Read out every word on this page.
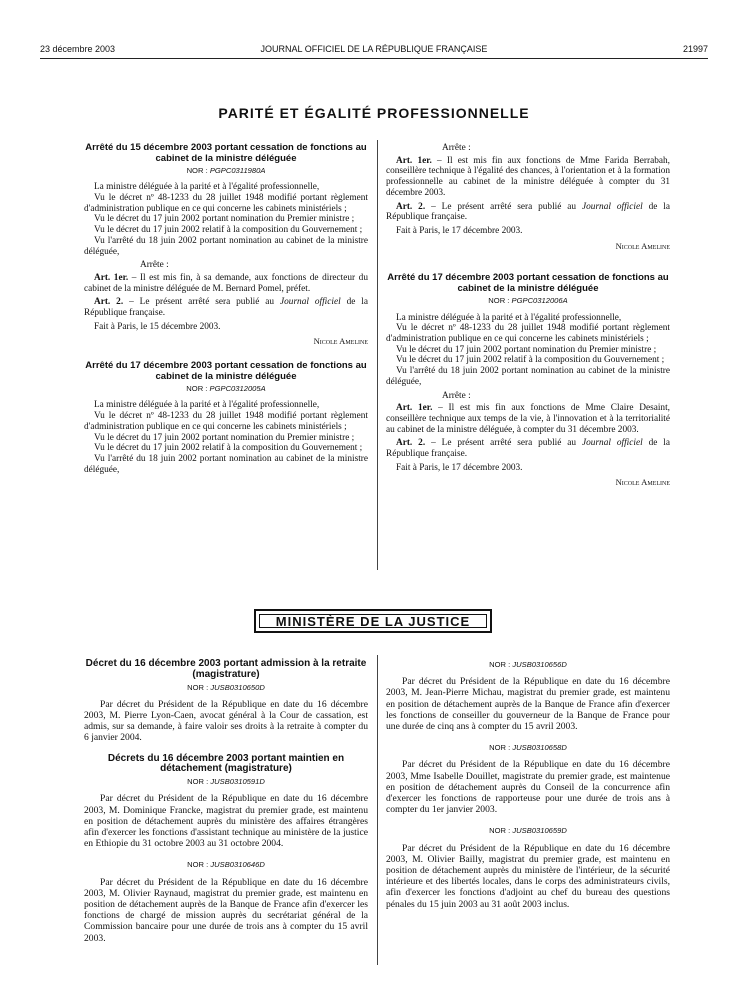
23 décembre 2003	JOURNAL OFFICIEL DE LA RÉPUBLIQUE FRANÇAISE	21997
PARITÉ ET ÉGALITÉ PROFESSIONNELLE
Arrêté du 15 décembre 2003 portant cessation de fonctions au cabinet de la ministre déléguée
NOR : PGPC0311980A

La ministre déléguée à la parité et à l'égalité professionnelle,

Vu le décret nº 48-1233 du 28 juillet 1948 modifié portant règlement d'administration publique en ce qui concerne les cabinets ministériels ;

Vu le décret du 17 juin 2002 portant nomination du Premier ministre ;

Vu le décret du 17 juin 2002 relatif à la composition du Gouvernement ;

Vu l'arrêté du 18 juin 2002 portant nomination au cabinet de la ministre déléguée,

Arrête :

Art. 1er. – Il est mis fin, à sa demande, aux fonctions de directeur du cabinet de la ministre déléguée de M. Bernard Pomel, préfet.

Art. 2. – Le présent arrêté sera publié au Journal officiel de la République française.

Fait à Paris, le 15 décembre 2003.

Nicole Ameline

Arrêté du 17 décembre 2003 portant cessation de fonctions au cabinet de la ministre déléguée
NOR : PGPC0312005A

La ministre déléguée à la parité et à l'égalité professionnelle,

Vu le décret nº 48-1233 du 28 juillet 1948 modifié portant règlement d'administration publique en ce qui concerne les cabinets ministériels ;

Vu le décret du 17 juin 2002 portant nomination du Premier ministre ;

Vu le décret du 17 juin 2002 relatif à la composition du Gouvernement ;

Vu l'arrêté du 18 juin 2002 portant nomination au cabinet de la ministre déléguée,

Arrête :

Art. 1er. – Il est mis fin aux fonctions de Mme Farida Berrabah, conseillère technique à l'égalité des chances, à l'orientation et à la formation professionnelle au cabinet de la ministre déléguée à compter du 31 décembre 2003.

Art. 2. – Le présent arrêté sera publié au Journal officiel de la République française.

Fait à Paris, le 17 décembre 2003.

Nicole Ameline

Arrêté du 17 décembre 2003 portant cessation de fonctions au cabinet de la ministre déléguée
NOR : PGPC0312006A

La ministre déléguée à la parité et à l'égalité professionnelle,

Vu le décret nº 48-1233 du 28 juillet 1948 modifié portant règlement d'administration publique en ce qui concerne les cabinets ministériels ;

Vu le décret du 17 juin 2002 portant nomination du Premier ministre ;

Vu le décret du 17 juin 2002 relatif à la composition du Gouvernement ;

Vu l'arrêté du 18 juin 2002 portant nomination au cabinet de la ministre déléguée,

Arrête :

Art. 1er. – Il est mis fin aux fonctions de Mme Claire Desaint, conseillère technique aux temps de la vie, à l'innovation et à la territorialité au cabinet de la ministre déléguée, à compter du 31 décembre 2003.

Art. 2. – Le présent arrêté sera publié au Journal officiel de la République française.

Fait à Paris, le 17 décembre 2003.

Nicole Ameline

MINISTÈRE DE LA JUSTICE
Décret du 16 décembre 2003 portant admission à la retraite (magistrature)
NOR : JUSB0310650D

Par décret du Président de la République en date du 16 décembre 2003, M. Pierre Lyon-Caen, avocat général à la Cour de cassation, est admis, sur sa demande, à faire valoir ses droits à la retraite à compter du 6 janvier 2004.

Décrets du 16 décembre 2003 portant maintien en détachement (magistrature)
NOR : JUSB0310591D

Par décret du Président de la République en date du 16 décembre 2003, M. Dominique Francke, magistrat du premier grade, est maintenu en position de détachement auprès du ministère des affaires étrangères afin d'exercer les fonctions d'assistant technique au ministère de la justice en Ethiopie du 31 octobre 2003 au 31 octobre 2004.

NOR : JUSB0310646D

Par décret du Président de la République en date du 16 décembre 2003, M. Olivier Raynaud, magistrat du premier grade, est maintenu en position de détachement auprès de la Banque de France afin d'exercer les fonctions de chargé de mission auprès du secrétariat général de la Commission bancaire pour une durée de trois ans à compter du 15 avril 2003.

NOR : JUSB0310656D

Par décret du Président de la République en date du 16 décembre 2003, M. Jean-Pierre Michau, magistrat du premier grade, est maintenu en position de détachement auprès de la Banque de France afin d'exercer les fonctions de conseiller du gouverneur de la Banque de France pour une durée de cinq ans à compter du 15 avril 2003.

NOR : JUSB0310658D

Par décret du Président de la République en date du 16 décembre 2003, Mme Isabelle Douillet, magistrate du premier grade, est maintenue en position de détachement auprès du Conseil de la concurrence afin d'exercer les fonctions de rapporteuse pour une durée de trois ans à compter du 1er janvier 2003.

NOR : JUSB0310659D

Par décret du Président de la République en date du 16 décembre 2003, M. Olivier Bailly, magistrat du premier grade, est maintenu en position de détachement auprès du ministère de l'intérieur, de la sécurité intérieure et des libertés locales, dans le corps des administrateurs civils, afin d'exercer les fonctions d'adjoint au chef du bureau des questions pénales du 15 juin 2003 au 31 août 2003 inclus.
